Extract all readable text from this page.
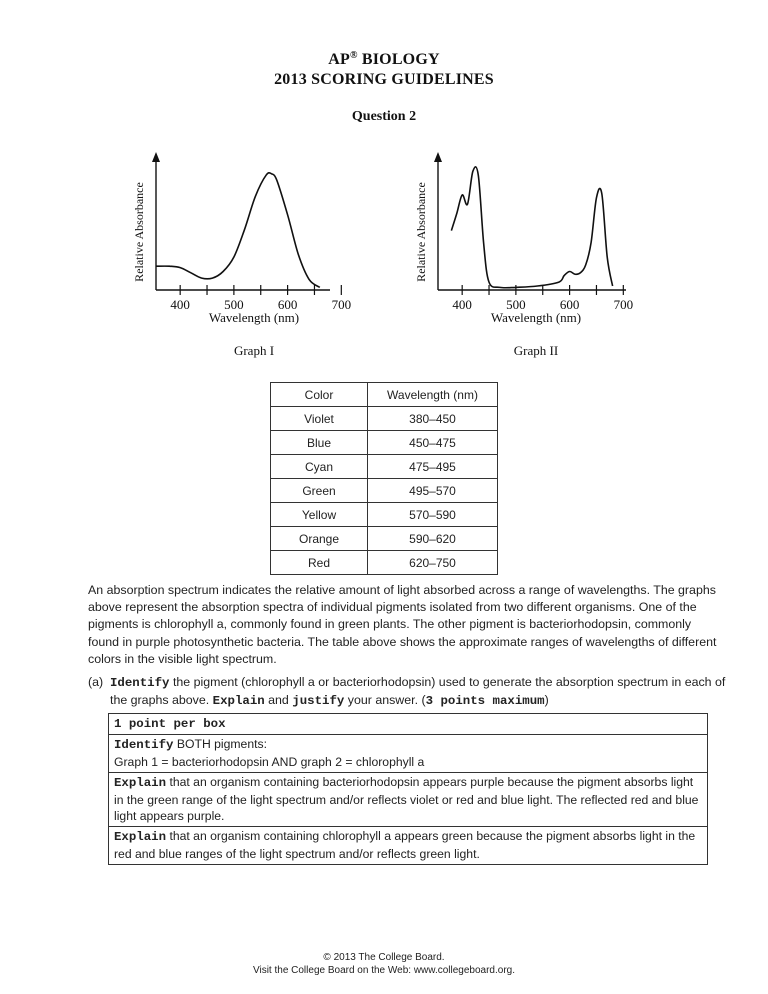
AP® BIOLOGY
2013 SCORING GUIDELINES
Question 2
Relative Absorbance
400	500	600	700
Wavelength (nm)
Graph I
Relative Absorbance
400	500	600	700
Wavelength (nm)
Graph II
Color	Wavelength (nm)
Violet	380–450
Blue	450–475
Cyan	475–495
Green	495–570
Yellow	570–590
Orange	590–620
Red	620–750

An absorption spectrum indicates the relative amount of light absorbed across a range of wavelengths. The graphs above represent the absorption spectra of individual pigments isolated from two different organisms. One of the pigments is chlorophyll a, commonly found in green plants. The other pigment is bacteriorhodopsin, commonly found in purple photosynthetic bacteria. The table above shows the approximate ranges of wavelengths of different colors in the visible light spectrum.

(a) Identify the pigment (chlorophyll a or bacteriorhodopsin) used to generate the absorption spectrum in each of the graphs above. Explain and justify your answer. (3 points maximum)
1 point per box
Identify BOTH pigments:
Graph 1 = bacteriorhodopsin AND graph 2 = chlorophyll a
Explain that an organism containing bacteriorhodopsin appears purple because the pigment absorbs light in the green range of the light spectrum and/or reflects violet or red and blue light. The reflected red and blue light appears purple.
Explain that an organism containing chlorophyll a appears green because the pigment absorbs light in the red and blue ranges of the light spectrum and/or reflects green light.
© 2013 The College Board.
Visit the College Board on the Web: www.collegeboard.org.
